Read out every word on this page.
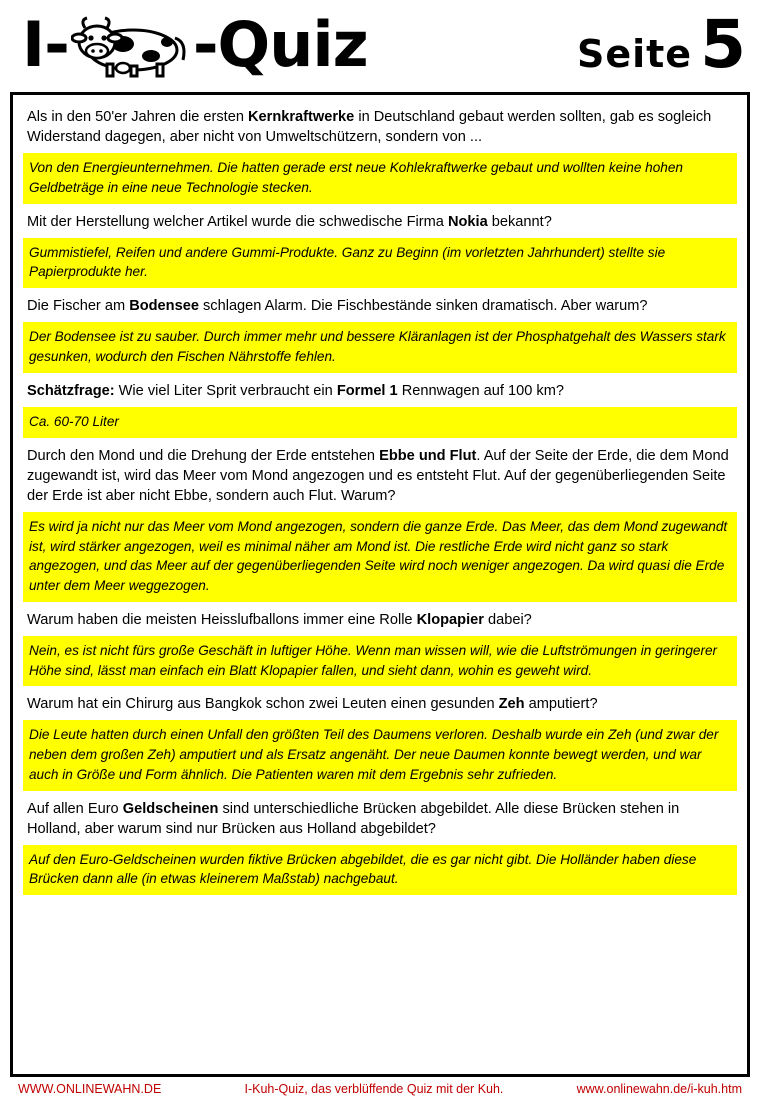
I- -Quiz	Seite 5
Als in den 50'er Jahren die ersten Kernkraftwerke in Deutschland gebaut werden sollten, gab es sogleich Widerstand dagegen, aber nicht von Umweltschützern, sondern von ...
Von den Energieunternehmen. Die hatten gerade erst neue Kohlekraftwerke gebaut und wollten keine hohen Geldbeträge in eine neue Technologie stecken.
Mit der Herstellung welcher Artikel wurde die schwedische Firma Nokia bekannt?
Gummistiefel, Reifen und andere Gummi-Produkte. Ganz zu Beginn (im vorletzten Jahrhundert) stellte sie Papierprodukte her.
Die Fischer am Bodensee schlagen Alarm. Die Fischbestände sinken dramatisch. Aber warum?
Der Bodensee ist zu sauber. Durch immer mehr und bessere Kläranlagen ist der Phosphatgehalt des Wassers stark gesunken, wodurch den Fischen Nährstoffe fehlen.
Schätzfrage: Wie viel Liter Sprit verbraucht ein Formel 1 Rennwagen auf 100 km?
Ca. 60-70 Liter
Durch den Mond und die Drehung der Erde entstehen Ebbe und Flut. Auf der Seite der Erde, die dem Mond zugewandt ist, wird das Meer vom Mond angezogen und es entsteht Flut. Auf der gegenüberliegenden Seite der Erde ist aber nicht Ebbe, sondern auch Flut. Warum?
Es wird ja nicht nur das Meer vom Mond angezogen, sondern die ganze Erde. Das Meer, das dem Mond zugewandt ist, wird stärker angezogen, weil es minimal näher am Mond ist. Die restliche Erde wird nicht ganz so stark angezogen, und das Meer auf der gegenüberliegenden Seite wird noch weniger angezogen. Da wird quasi die Erde unter dem Meer weggezogen.
Warum haben die meisten Heisslufballons immer eine Rolle Klopapier dabei?
Nein, es ist nicht fürs große Geschäft in luftiger Höhe. Wenn man wissen will, wie die Luftströmungen in geringerer Höhe sind, lässt man einfach ein Blatt Klopapier fallen, und sieht dann, wohin es geweht wird.
Warum hat ein Chirurg aus Bangkok schon zwei Leuten einen gesunden Zeh amputiert?
Die Leute hatten durch einen Unfall den größten Teil des Daumens verloren. Deshalb wurde ein Zeh (und zwar der neben dem großen Zeh) amputiert und als Ersatz angenäht. Der neue Daumen konnte bewegt werden, und war auch in Größe und Form ähnlich. Die Patienten waren mit dem Ergebnis sehr zufrieden.
Auf allen Euro Geldscheinen sind unterschiedliche Brücken abgebildet. Alle diese Brücken stehen in Holland, aber warum sind nur Brücken aus Holland abgebildet?
Auf den Euro-Geldscheinen wurden fiktive Brücken abgebildet, die es gar nicht gibt. Die Holländer haben diese Brücken dann alle (in etwas kleinerem Maßstab) nachgebaut.
WWW.ONLINEWAHN.DE	I-Kuh-Quiz, das verblüffende Quiz mit der Kuh.	www.onlinewahn.de/i-kuh.htm
